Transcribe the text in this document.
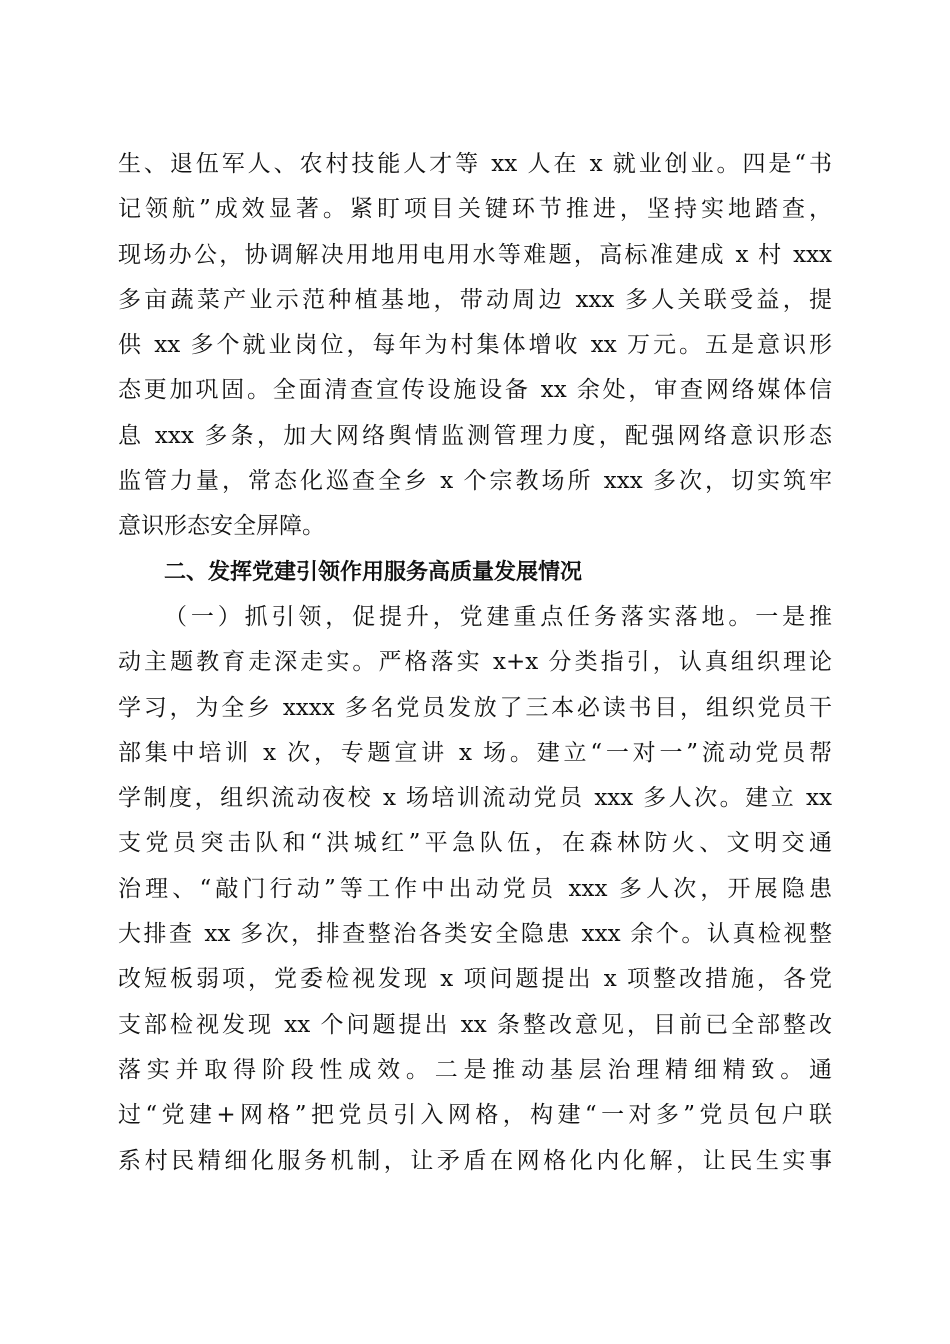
生、退伍军人、农村技能人才等 xx 人在 x 就业创业。四是“书
记领航”成效显著。紧盯项目关键环节推进，坚持实地踏查，
现场办公，协调解决用地用电用水等难题，高标准建成 x 村 xxx
多亩蔬菜产业示范种植基地，带动周边 xxx 多人关联受益，提
供 xx 多个就业岗位，每年为村集体增收 xx 万元。五是意识形
态更加巩固。全面清查宣传设施设备 xx 余处，审查网络媒体信
息 xxx 多条，加大网络舆情监测管理力度，配强网络意识形态
监管力量，常态化巡查全乡 x 个宗教场所 xxx 多次，切实筑牢
意识形态安全屏障。
二、发挥党建引领作用服务高质量发展情况
（一）抓引领，促提升，党建重点任务落实落地。一是推
动主题教育走深走实。严格落实 x+x 分类指引，认真组织理论
学习，为全乡 xxxx 多名党员发放了三本必读书目，组织党员干
部集中培训 x 次，专题宣讲 x 场。建立“一对一”流动党员帮
学制度，组织流动夜校 x 场培训流动党员 xxx 多人次。建立 xx
支党员突击队和“洪城红”平急队伍，在森林防火、文明交通
治理、“敲门行动”等工作中出动党员 xxx 多人次，开展隐患
大排查 xx 多次，排查整治各类安全隐患 xxx 余个。认真检视整
改短板弱项，党委检视发现 x 项问题提出 x 项整改措施，各党
支部检视发现 xx 个问题提出 xx 条整改意见，目前已全部整改
落实并取得阶段性成效。二是推动基层治理精细精致。通
过“党建+网格”把党员引入网格，构建“一对多”党员包户联
系村民精细化服务机制，让矛盾在网格化内化解，让民生实事
